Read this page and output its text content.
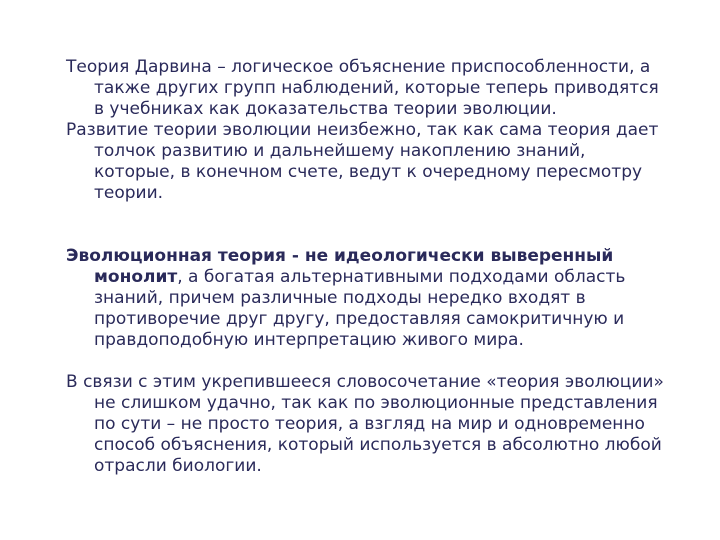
Теория Дарвина – логическое объяснение приспособленности, а также других групп наблюдений, которые теперь приводятся в учебниках как доказательства теории эволюции.

Развитие теории эволюции неизбежно, так как сама теория дает толчок развитию и дальнейшему накоплению знаний, которые, в конечном счете, ведут к очередному пересмотру теории.

Эволюционная теория - не идеологически выверенный монолит, а богатая альтернативными подходами область знаний, причем различные подходы нередко входят в противоречие друг другу, предоставляя самокритичную и правдоподобную интерпретацию живого мира.

В связи с этим укрепившееся словосочетание «теория эволюции» не слишком удачно, так как по эволюционные представления по сути – не просто теория, а взгляд на мир и одновременно способ объяснения, который используется в абсолютно любой отрасли биологии.
